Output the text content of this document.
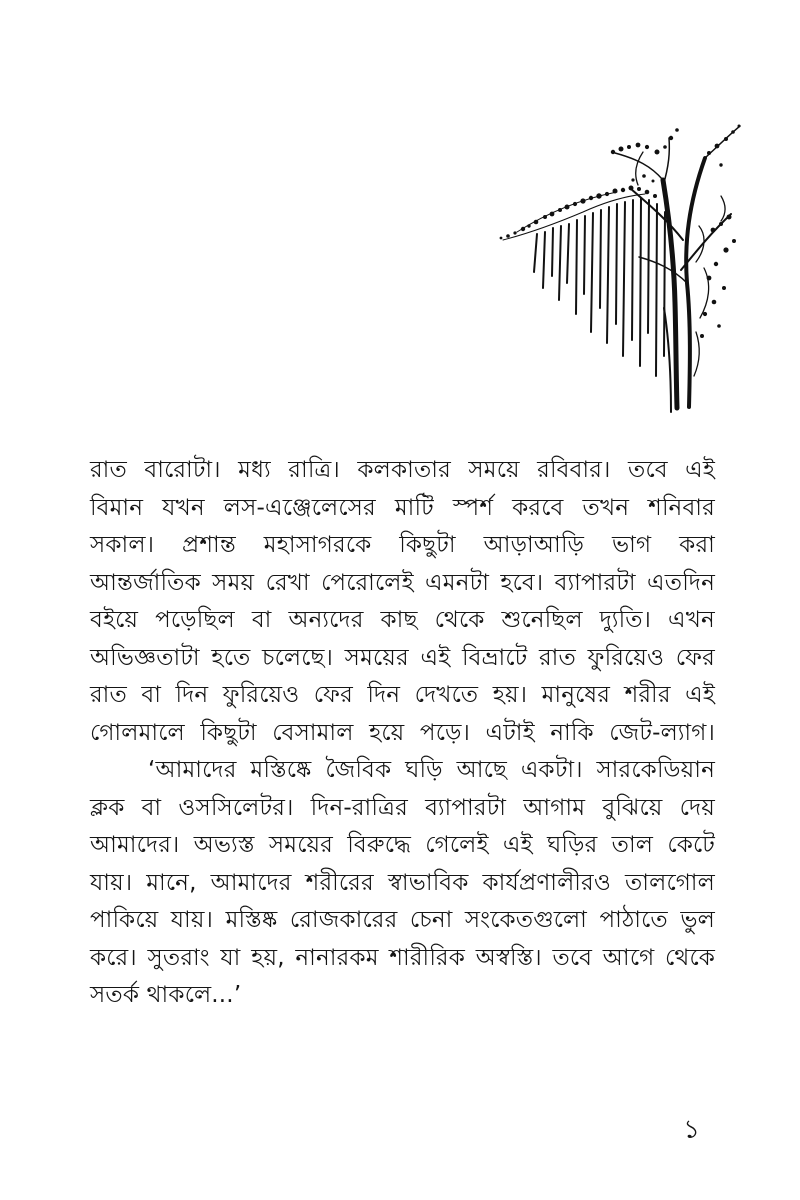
রাত বারোটা। মধ্য রাত্রি। কলকাতার সময়ে রবিবার। তবে এই
বিমান যখন লস-এঞ্জেলেসের মাটি স্পর্শ করবে তখন শনিবার
সকাল। প্রশান্ত মহাসাগরকে কিছুটা আড়াআড়ি ভাগ করা
আন্তর্জাতিক সময় রেখা পেরোলেই এমনটা হবে। ব্যাপারটা এতদিন
বইয়ে পড়েছিল বা অন্যদের কাছ থেকে শুনেছিল দ্যুতি। এখন
অভিজ্ঞতাটা হতে চলেছে। সময়ের এই বিভ্রাটে রাত ফুরিয়েও ফের
রাত বা দিন ফুরিয়েও ফের দিন দেখতে হয়। মানুষের শরীর এই
গোলমালে কিছুটা বেসামাল হয়ে পড়ে। এটাই নাকি জেট-ল্যাগ।
‘আমাদের মস্তিষ্কে জৈবিক ঘড়ি আছে একটা। সারকেডিয়ান
ক্লক বা ওসসিলেটর। দিন-রাত্রির ব্যাপারটা আগাম বুঝিয়ে দেয়
আমাদের। অভ্যস্ত সময়ের বিরুদ্ধে গেলেই এই ঘড়ির তাল কেটে
যায়। মানে, আমাদের শরীরের স্বাভাবিক কার্যপ্রণালীরও তালগোল
পাকিয়ে যায়। মস্তিষ্ক রোজকারের চেনা সংকেতগুলো পাঠাতে ভুল
করে। সুতরাং যা হয়, নানারকম শারীরিক অস্বস্তি। তবে আগে থেকে
সতর্ক থাকলে...’
১
